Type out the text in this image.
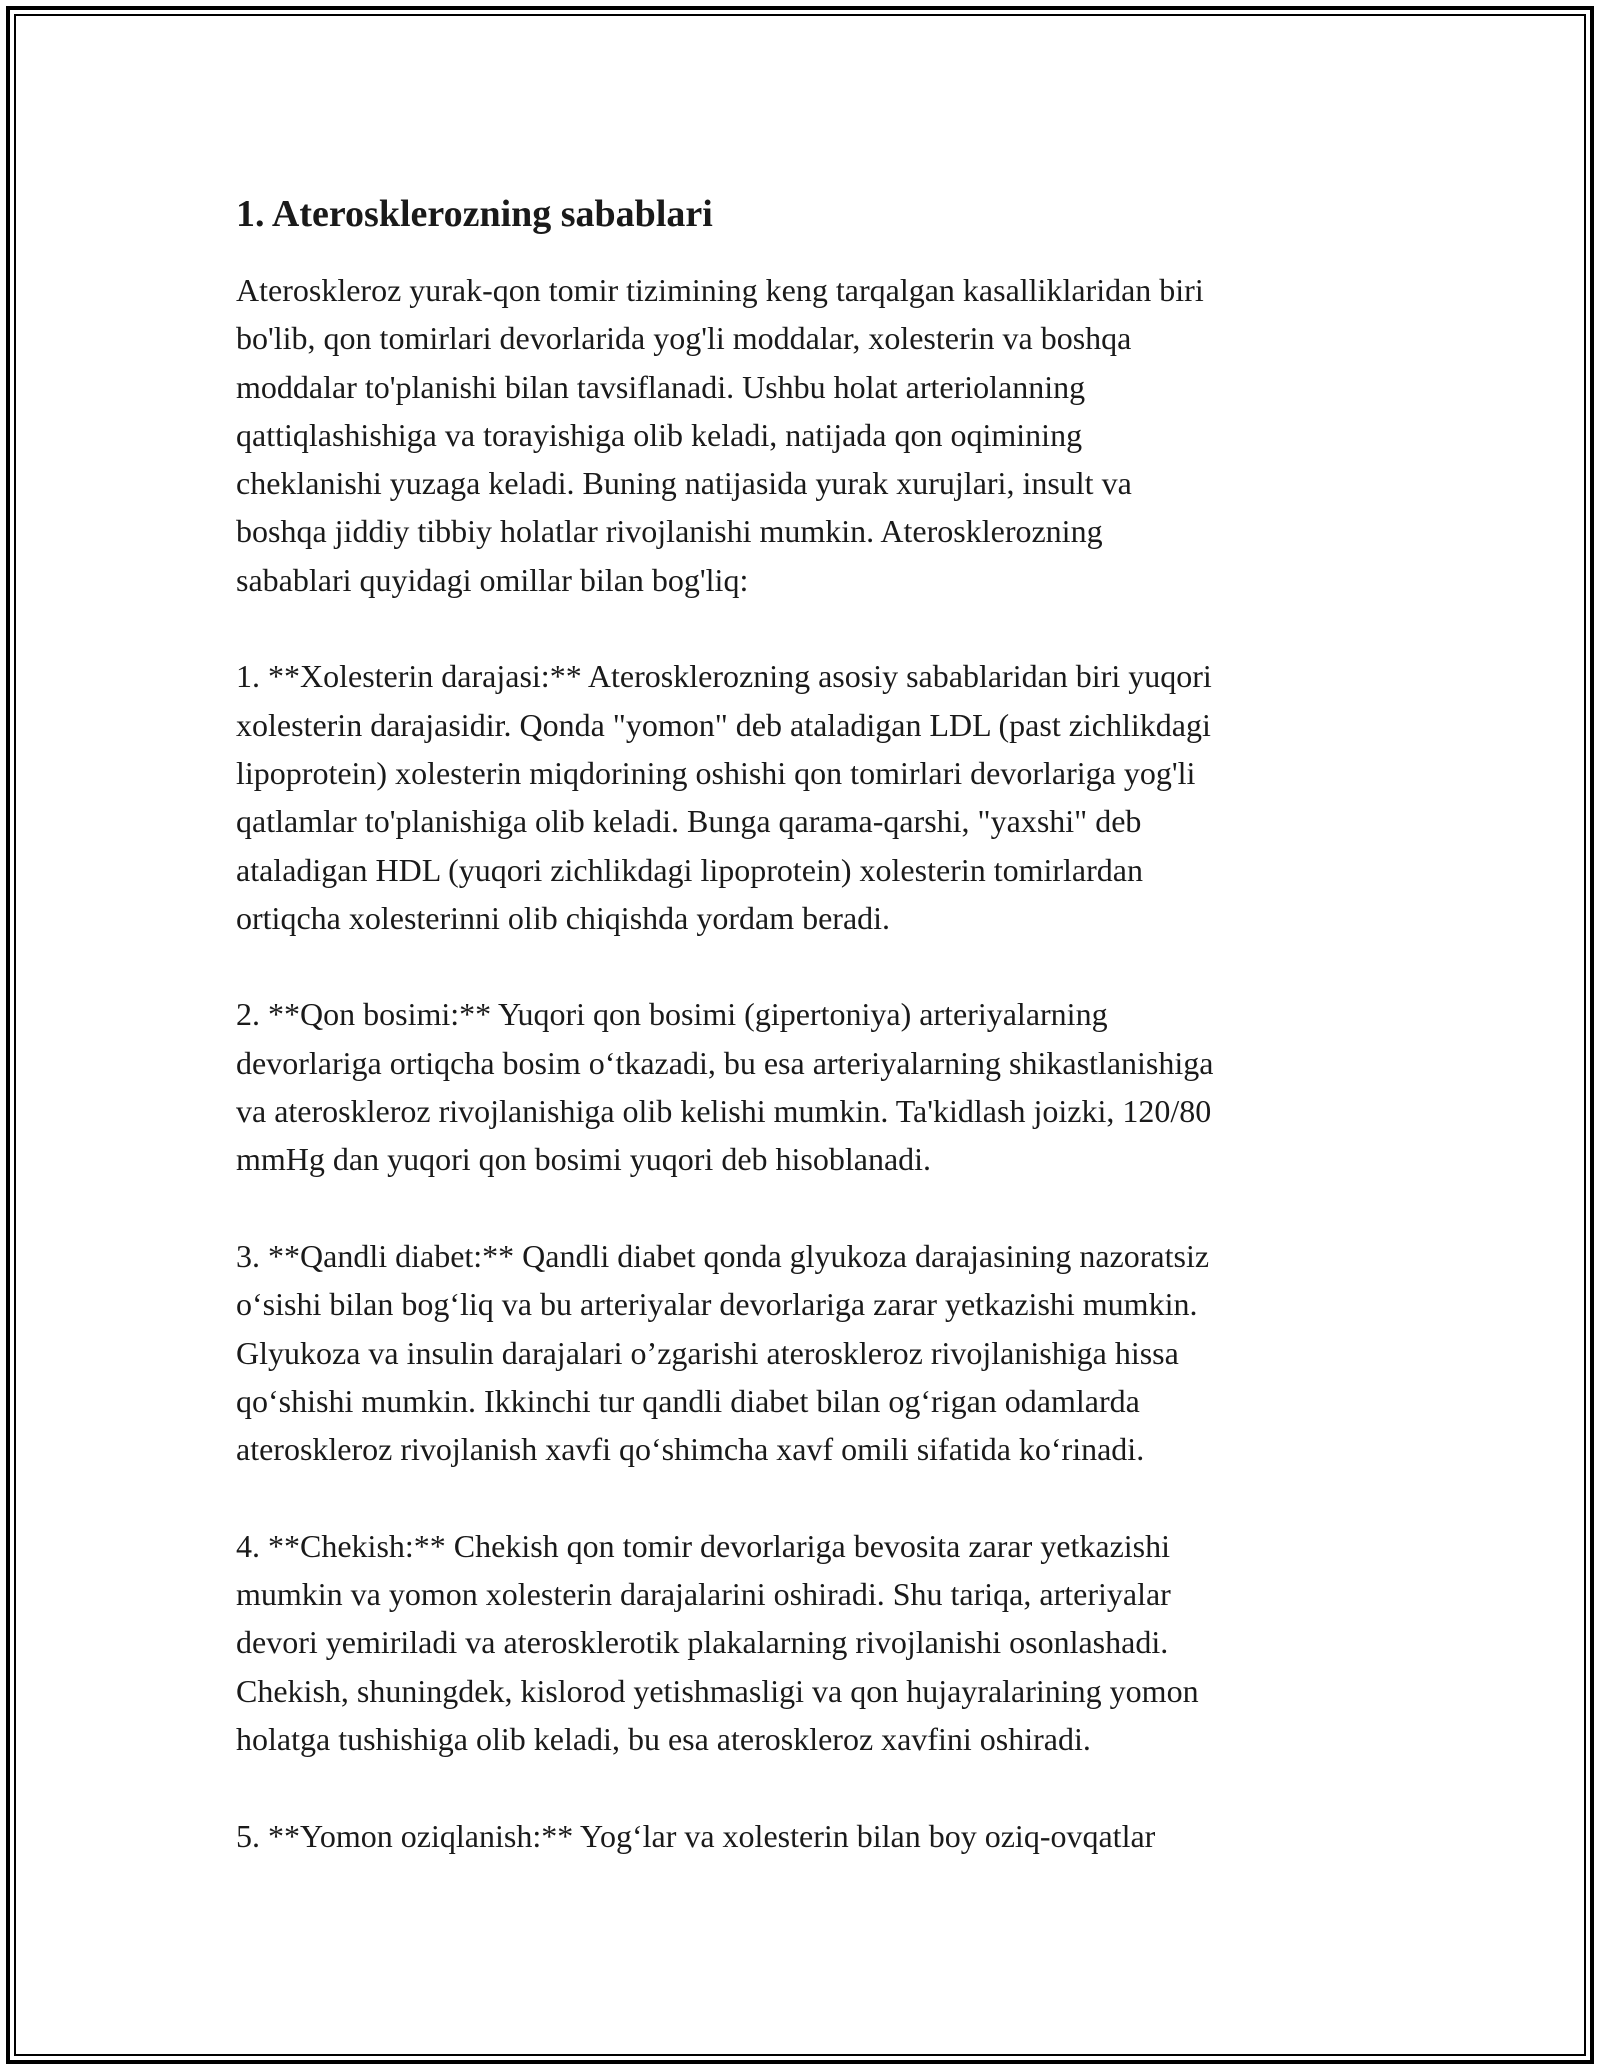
1. Aterosklerozning sabablari

Ateroskleroz yurak-qon tomir tizimining keng tarqalgan kasalliklaridan biri
bo'lib, qon tomirlari devorlarida yog'li moddalar, xolesterin va boshqa
moddalar to'planishi bilan tavsiflanadi. Ushbu holat arteriolanning
qattiqlashishiga va torayishiga olib keladi, natijada qon oqimining
cheklanishi yuzaga keladi. Buning natijasida yurak xurujlari, insult va
boshqa jiddiy tibbiy holatlar rivojlanishi mumkin. Aterosklerozning
sabablari quyidagi omillar bilan bog'liq:

1. **Xolesterin darajasi:** Aterosklerozning asosiy sabablaridan biri yuqori
xolesterin darajasidir. Qonda "yomon" deb ataladigan LDL (past zichlikdagi
lipoprotein) xolesterin miqdorining oshishi qon tomirlari devorlariga yog'li
qatlamlar to'planishiga olib keladi. Bunga qarama-qarshi, "yaxshi" deb
ataladigan HDL (yuqori zichlikdagi lipoprotein) xolesterin tomirlardan
ortiqcha xolesterinni olib chiqishda yordam beradi.

2. **Qon bosimi:** Yuqori qon bosimi (gipertoniya) arteriyalarning
devorlariga ortiqcha bosim o‘tkazadi, bu esa arteriyalarning shikastlanishiga
va ateroskleroz rivojlanishiga olib kelishi mumkin. Ta'kidlash joizki, 120/80
mmHg dan yuqori qon bosimi yuqori deb hisoblanadi.

3. **Qandli diabet:** Qandli diabet qonda glyukoza darajasining nazoratsiz
o‘sishi bilan bog‘liq va bu arteriyalar devorlariga zarar yetkazishi mumkin.
Glyukoza va insulin darajalari o’zgarishi ateroskleroz rivojlanishiga hissa
qo‘shishi mumkin. Ikkinchi tur qandli diabet bilan og‘rigan odamlarda
ateroskleroz rivojlanish xavfi qo‘shimcha xavf omili sifatida ko‘rinadi.

4. **Chekish:** Chekish qon tomir devorlariga bevosita zarar yetkazishi
mumkin va yomon xolesterin darajalarini oshiradi. Shu tariqa, arteriyalar
devori yemiriladi va aterosklerotik plakalarning rivojlanishi osonlashadi.
Chekish, shuningdek, kislorod yetishmasligi va qon hujayralarining yomon
holatga tushishiga olib keladi, bu esa ateroskleroz xavfini oshiradi.

5. **Yomon oziqlanish:** Yog‘lar va xolesterin bilan boy oziq-ovqatlar
